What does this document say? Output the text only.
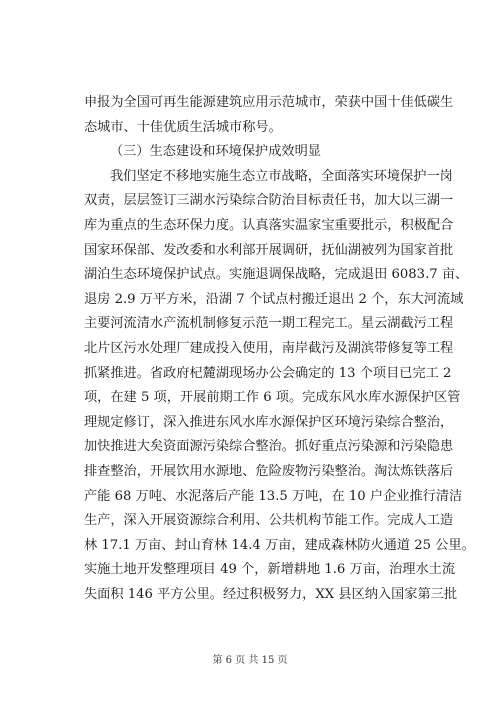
申报为全国可再生能源建筑应用示范城市，荣获中国十佳低碳生
态城市、十佳优质生活城市称号。
（三）生态建设和环境保护成效明显
我们坚定不移地实施生态立市战略，全面落实环境保护一岗
双责，层层签订三湖水污染综合防治目标责任书，加大以三湖一
库为重点的生态环保力度。认真落实温家宝重要批示，积极配合
国家环保部、发改委和水利部开展调研，抚仙湖被列为国家首批
湖泊生态环境保护试点。实施退调保战略，完成退田 6083.7 亩、
退房 2.9 万平方米，沿湖 7 个试点村搬迁退出 2 个，东大河流域
主要河流清水产流机制修复示范一期工程完工。星云湖截污工程
北片区污水处理厂建成投入使用，南岸截污及湖滨带修复等工程
抓紧推进。省政府杞麓湖现场办公会确定的 13 个项目已完工 2
项，在建 5 项，开展前期工作 6 项。完成东风水库水源保护区管
理规定修订，深入推进东风水库水源保护区环境污染综合整治，
加快推进大矣资面源污染综合整治。抓好重点污染源和污染隐患
排查整治，开展饮用水源地、危险废物污染整治。淘汰炼铁落后
产能 68 万吨、水泥落后产能 13.5 万吨，在 10 户企业推行清洁
生产，深入开展资源综合利用、公共机构节能工作。完成人工造
林 17.1 万亩、封山育林 14.4 万亩，建成森林防火通道 25 公里。
实施土地开发整理项目 49 个，新增耕地 1.6 万亩，治理水土流
失面积 146 平方公里。经过积极努力，XX 县区纳入国家第三批
第 6 页 共 15 页
